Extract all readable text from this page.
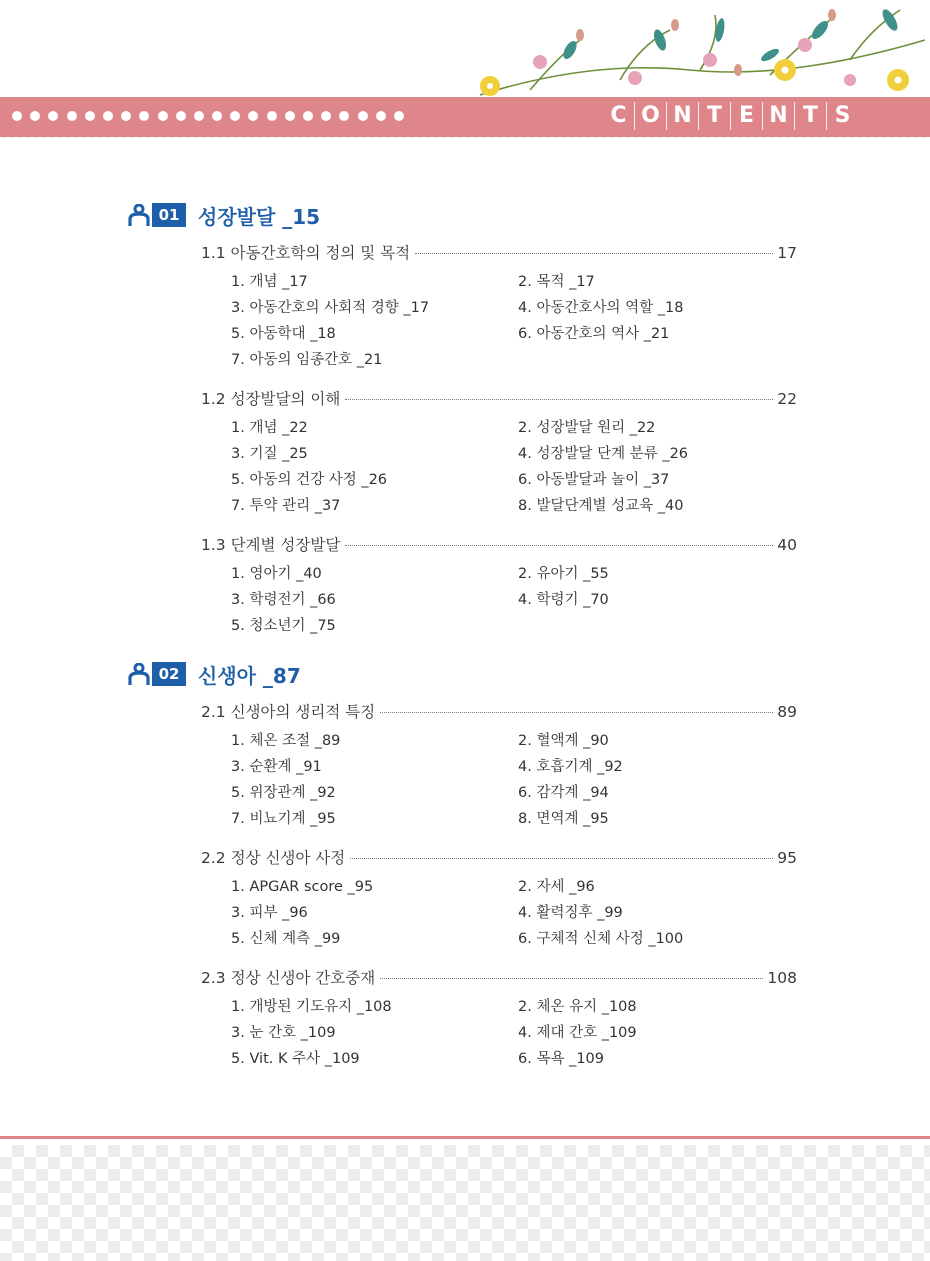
C O N T E N T S
01 성장발달 _15
1.1 아동간호학의 정의 및 목적	17
1. 개념 _17	2. 목적 _17
3. 아동간호의 사회적 경향 _17	4. 아동간호사의 역할 _18
5. 아동학대 _18	6. 아동간호의 역사 _21
7. 아동의 임종간호 _21
1.2 성장발달의 이해	22
1. 개념 _22	2. 성장발달 원리 _22
3. 기질 _25	4. 성장발달 단계 분류 _26
5. 아동의 건강 사정 _26	6. 아동발달과 놀이 _37
7. 투약 관리 _37	8. 발달단계별 성교육 _40
1.3 단계별 성장발달	40
1. 영아기 _40	2. 유아기 _55
3. 학령전기 _66	4. 학령기 _70
5. 청소년기 _75
02 신생아 _87
2.1 신생아의 생리적 특징	89
1. 체온 조절 _89	2. 혈액계 _90
3. 순환계 _91	4. 호흡기계 _92
5. 위장관계 _92	6. 감각계 _94
7. 비뇨기계 _95	8. 면역계 _95
2.2 정상 신생아 사정	95
1. APGAR score _95	2. 자세 _96
3. 피부 _96	4. 활력징후 _99
5. 신체 계측 _99	6. 구체적 신체 사정 _100
2.3 정상 신생아 간호중재	108
1. 개방된 기도유지 _108	2. 체온 유지 _108
3. 눈 간호 _109	4. 제대 간호 _109
5. Vit. K 주사 _109	6. 목욕 _109
